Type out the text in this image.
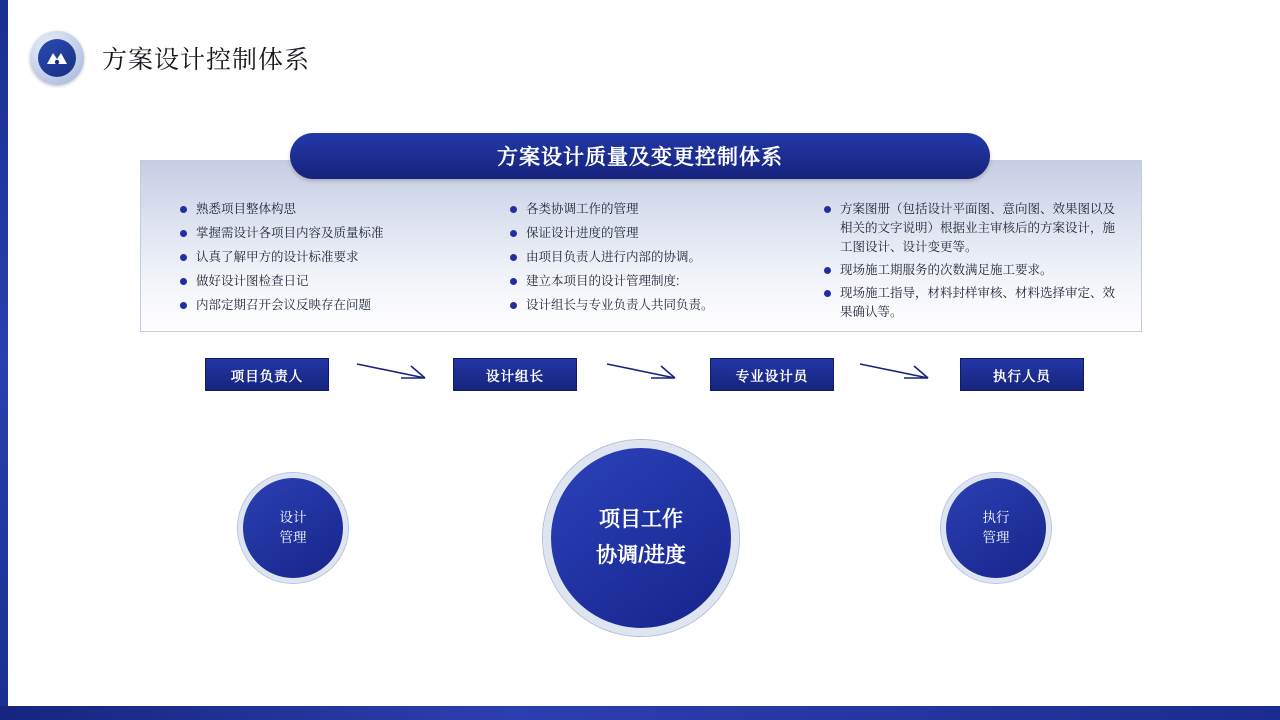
方案设计控制体系
方案设计质量及变更控制体系
熟悉项目整体构思
掌握需设计各项目内容及质量标准
认真了解甲方的设计标准要求
做好设计图检查日记
内部定期召开会议反映存在问题
各类协调工作的管理
保证设计进度的管理
由项目负责人进行内部的协调。
建立本项目的设计管理制度:
设计组长与专业负责人共同负责。
方案图册（包括设计平面图、意向图、效果图以及相关的文字说明）根据业主审核后的方案设计，施工图设计、设计变更等。
现场施工期服务的次数满足施工要求。
现场施工指导，材料封样审核、材料选择审定、效果确认等。
项目负责人	设计组长	专业设计员	执行人员
设计
管理
项目工作
协调/进度
执行
管理
